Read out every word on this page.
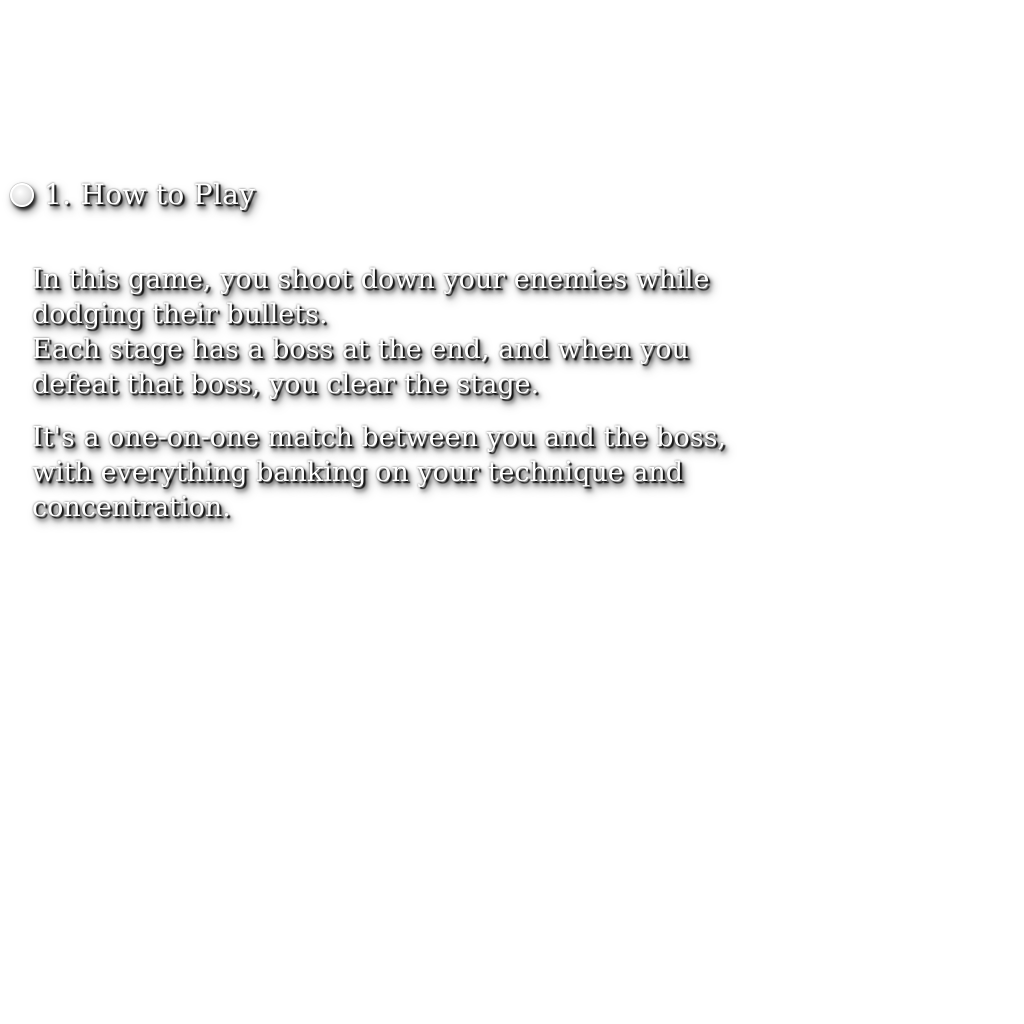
1. How to Play

In this game, you shoot down your enemies while
dodging their bullets.
Each stage has a boss at the end, and when you
defeat that boss, you clear the stage.

It's a one-on-one match between you and the boss,
with everything banking on your technique and
concentration.
